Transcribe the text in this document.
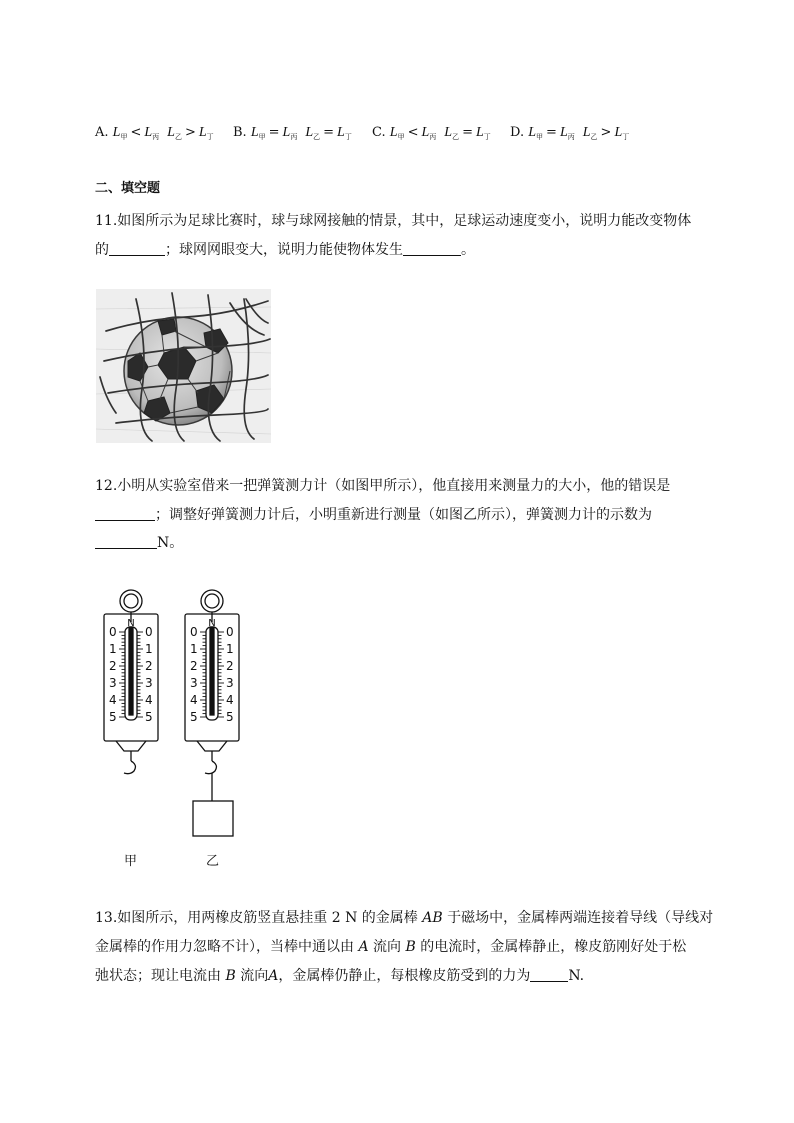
A. $L_甲 < L_丙$ $L_乙 > L_丁$ B. $L_甲 = L_丙$ $L_乙 = L_丁$ C. $L_甲 < L_丙$ $L_乙 = L_丁$ D. $L_甲 = L_丙$ $L_乙 > L_丁$
二、填空题
11.如图所示为足球比赛时，球与球网接触的情景，其中，足球运动速度变小，说明力能改变物体
的	；球网网眼变大，说明力能使物体发生	。
12.小明从实验室借来一把弹簧测力计（如图甲所示），他直接用来测量力的大小，他的错误是
；调整好弹簧测力计后，小明重新进行测量（如图乙所示），弹簧测力计的示数为
N。
N	N
0
1
2
3
4
5
0
1
2
3
4
5
0
1
2
3
4
5
0
1
2
3
4
5
甲	乙
13.如图所示，用两橡皮筋竖直悬挂重 2 N 的金属棒 AB 于磁场中，金属棒两端连接着导线（导线对
金属棒的作用力忽略不计），当棒中通以由 A 流向 B 的电流时，金属棒静止，橡皮筋刚好处于松
弛状态；现让电流由 B 流向A，金属棒仍静止，每根橡皮筋受到的力为	N.
